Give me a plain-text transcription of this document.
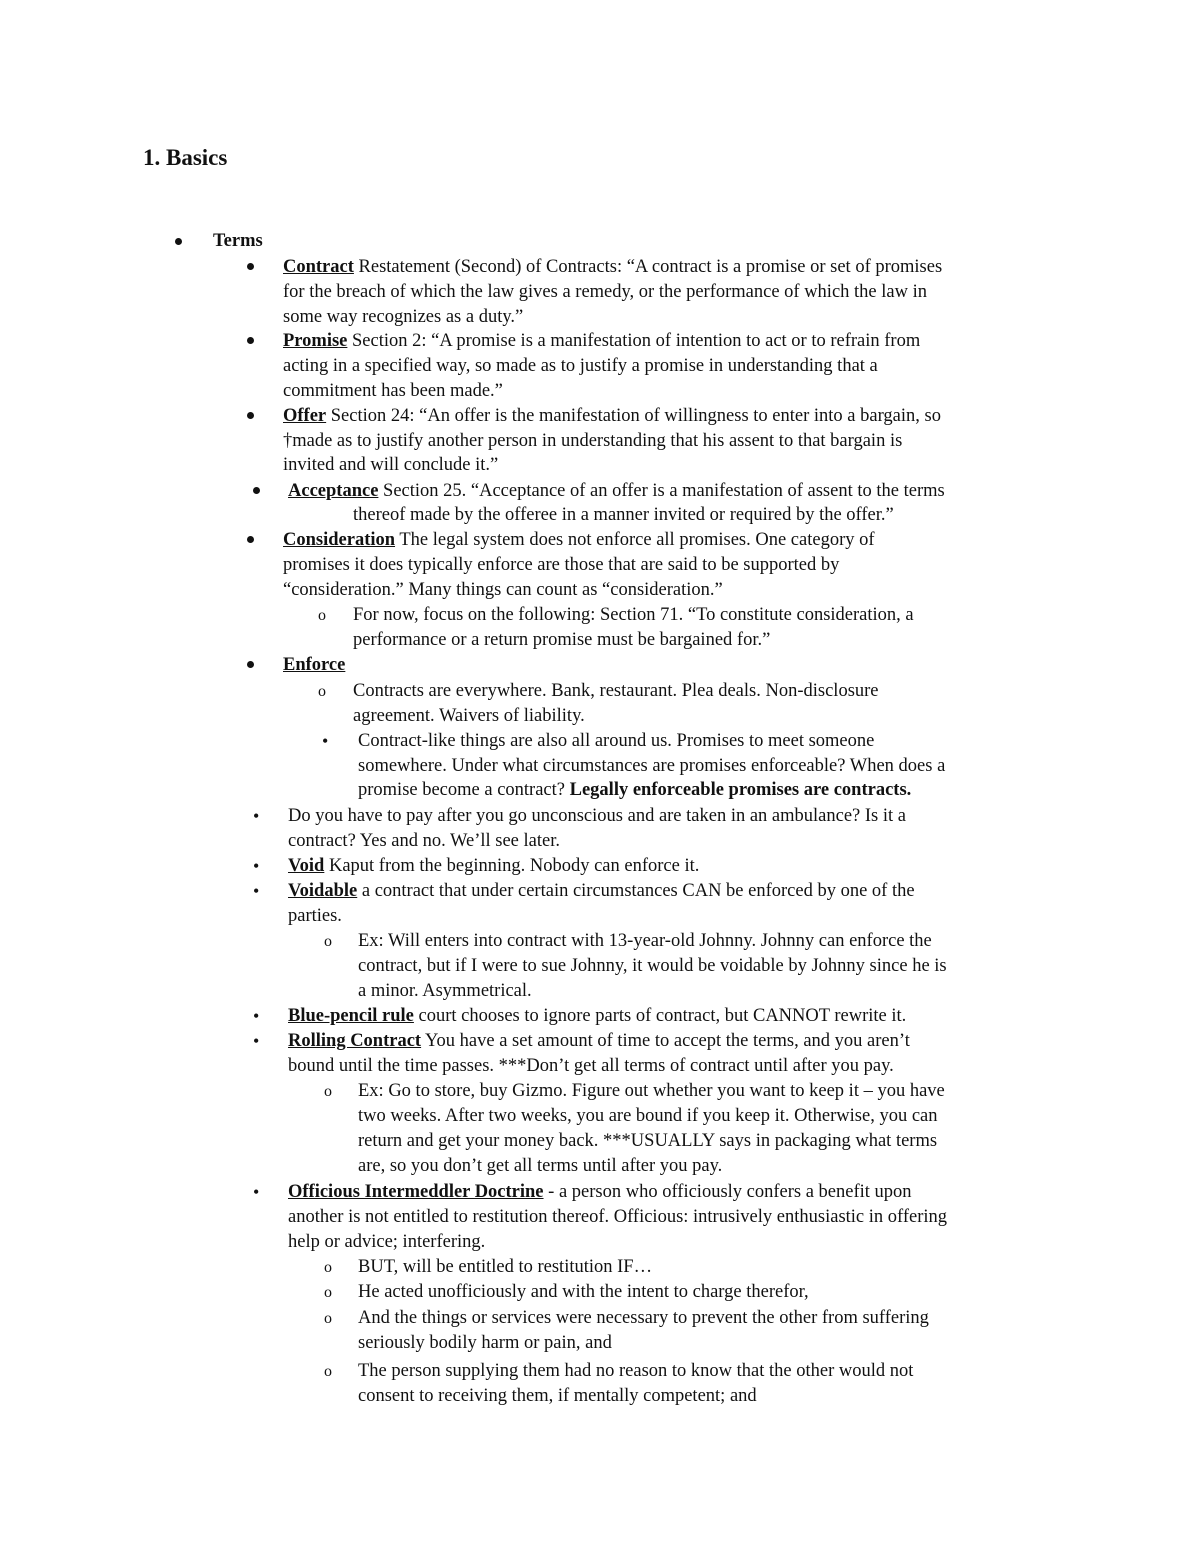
1. Basics
Terms
Contract Restatement (Second) of Contracts: “A contract is a promise or set of promises
for the breach of which the law gives a remedy, or the performance of which the law in
some way recognizes as a duty.”
Promise Section 2: “A promise is a manifestation of intention to act or to refrain from
acting in a specified way, so made as to justify a promise in understanding that a
commitment has been made.”
Offer Section 24: “An offer is the manifestation of willingness to enter into a bargain, so
†made as to justify another person in understanding that his assent to that bargain is
invited and will conclude it.”
Acceptance Section 25. “Acceptance of an offer is a manifestation of assent to the terms
thereof made by the offeree in a manner invited or required by the offer.”
Consideration The legal system does not enforce all promises. One category of
promises it does typically enforce are those that are said to be supported by
“consideration.” Many things can count as “consideration.”
o For now, focus on the following: Section 71. “To constitute consideration, a
performance or a return promise must be bargained for.”
Enforce
o Contracts are everywhere. Bank, restaurant. Plea deals. Non-disclosure
agreement. Waivers of liability.
• Contract-like things are also all around us. Promises to meet someone
somewhere. Under what circumstances are promises enforceable? When does a
promise become a contract? Legally enforceable promises are contracts.
• Do you have to pay after you go unconscious and are taken in an ambulance? Is it a
contract? Yes and no. We’ll see later.
• Void Kaput from the beginning. Nobody can enforce it.
• Voidable a contract that under certain circumstances CAN be enforced by one of the
parties.
o Ex: Will enters into contract with 13-year-old Johnny. Johnny can enforce the
contract, but if I were to sue Johnny, it would be voidable by Johnny since he is
a minor. Asymmetrical.
• Blue-pencil rule court chooses to ignore parts of contract, but CANNOT rewrite it.
• Rolling Contract You have a set amount of time to accept the terms, and you aren’t
bound until the time passes. ***Don’t get all terms of contract until after you pay.
o Ex: Go to store, buy Gizmo. Figure out whether you want to keep it – you have
two weeks. After two weeks, you are bound if you keep it. Otherwise, you can
return and get your money back. ***USUALLY says in packaging what terms
are, so you don’t get all terms until after you pay.
• Officious Intermeddler Doctrine - a person who officiously confers a benefit upon
another is not entitled to restitution thereof. Officious: intrusively enthusiastic in offering
help or advice; interfering.
o BUT, will be entitled to restitution IF…
o He acted unofficiously and with the intent to charge therefor,
o And the things or services were necessary to prevent the other from suffering
seriously bodily harm or pain, and
o The person supplying them had no reason to know that the other would not
consent to receiving them, if mentally competent; and
